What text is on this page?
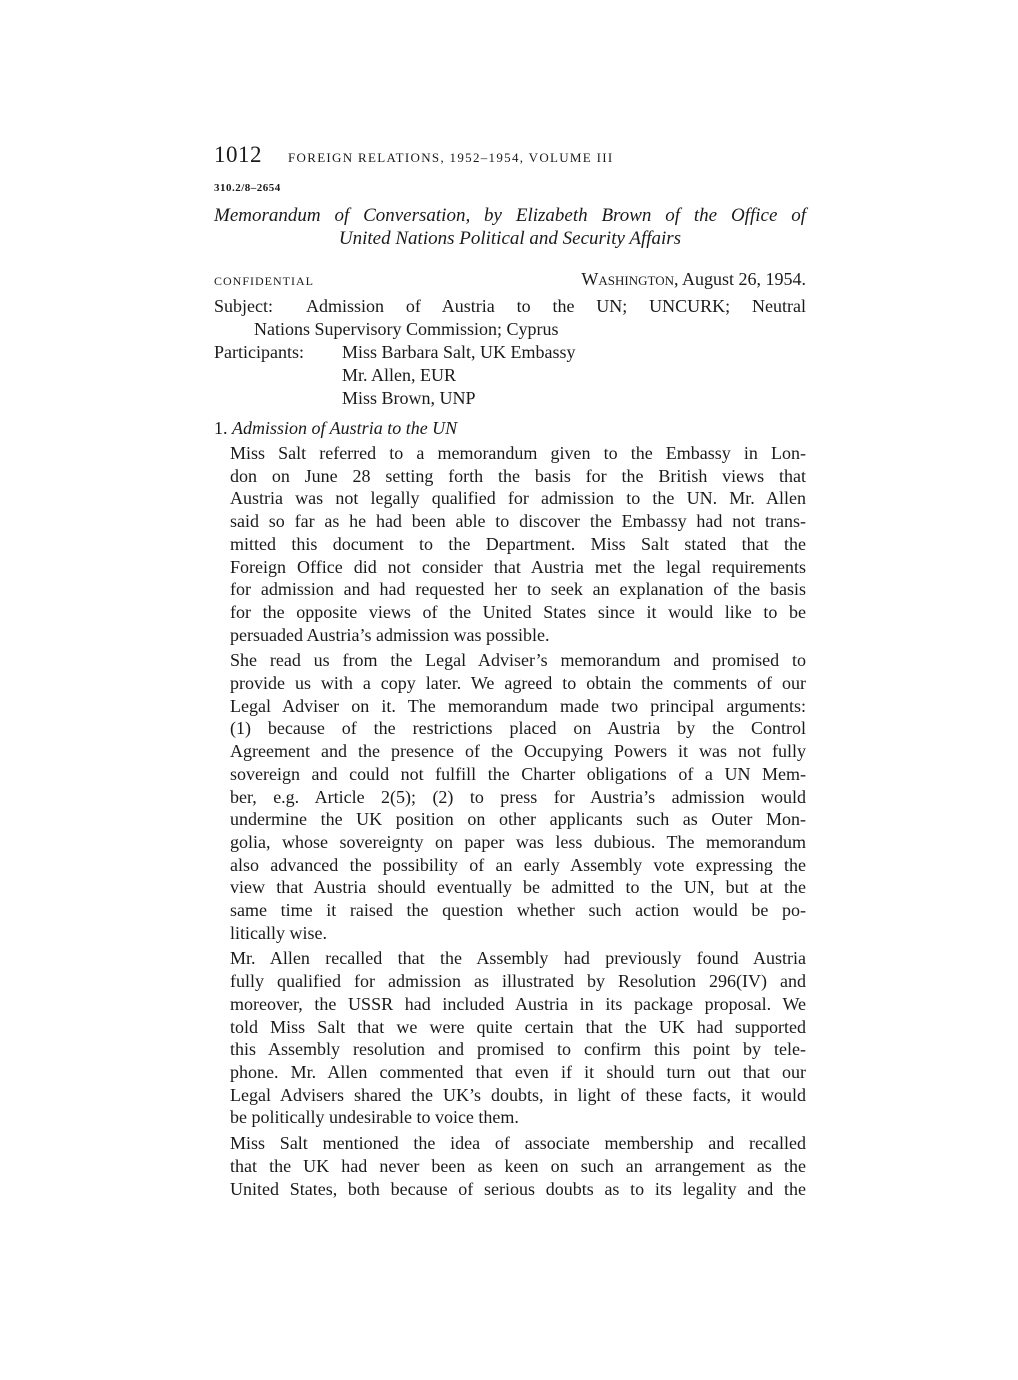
1012 FOREIGN RELATIONS, 1952–1954, VOLUME III
310.2/8–2654
Memorandum of Conversation, by Elizabeth Brown of the Office of
United Nations Political and Security Affairs
CONFIDENTIAL	Washington, August 26, 1954.
Subject:	Admission of Austria to the UN; UNCURK; Neutral
Nations Supervisory Commission; Cyprus
Participants:	Miss Barbara Salt, UK Embassy
Mr. Allen, EUR
Miss Brown, UNP
1. Admission of Austria to the UN
Miss Salt referred to a memorandum given to the Embassy in Lon-
don on June 28 setting forth the basis for the British views that
Austria was not legally qualified for admission to the UN. Mr. Allen
said so far as he had been able to discover the Embassy had not trans-
mitted this document to the Department. Miss Salt stated that the
Foreign Office did not consider that Austria met the legal requirements
for admission and had requested her to seek an explanation of the basis
for the opposite views of the United States since it would like to be
persuaded Austria’s admission was possible.
She read us from the Legal Adviser’s memorandum and promised to
provide us with a copy later. We agreed to obtain the comments of our
Legal Adviser on it. The memorandum made two principal arguments:
(1) because of the restrictions placed on Austria by the Control
Agreement and the presence of the Occupying Powers it was not fully
sovereign and could not fulfill the Charter obligations of a UN Mem-
ber, e.g. Article 2(5); (2) to press for Austria’s admission would
undermine the UK position on other applicants such as Outer Mon-
golia, whose sovereignty on paper was less dubious. The memorandum
also advanced the possibility of an early Assembly vote expressing the
view that Austria should eventually be admitted to the UN, but at the
same time it raised the question whether such action would be po-
litically wise.
Mr. Allen recalled that the Assembly had previously found Austria
fully qualified for admission as illustrated by Resolution 296(IV) and
moreover, the USSR had included Austria in its package proposal. We
told Miss Salt that we were quite certain that the UK had supported
this Assembly resolution and promised to confirm this point by tele-
phone. Mr. Allen commented that even if it should turn out that our
Legal Advisers shared the UK’s doubts, in light of these facts, it would
be politically undesirable to voice them.
Miss Salt mentioned the idea of associate membership and recalled
that the UK had never been as keen on such an arrangement as the
United States, both because of serious doubts as to its legality and the
